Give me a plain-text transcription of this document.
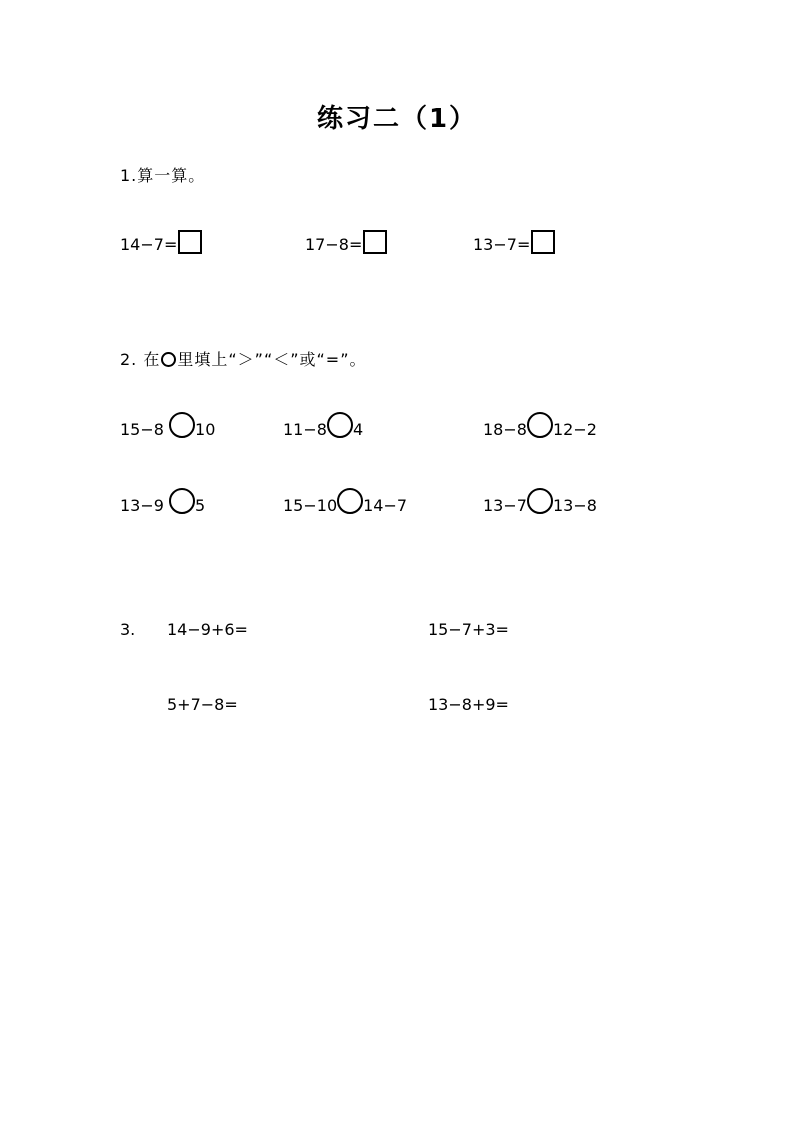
练习二（1）
1.算一算。
14−7=	17−8=	13−7=
2. 在 里填上“＞”“＜”或“=”。
15−8 10	11−8 4	18−8 12−2
13−9 5	15−10 14−7	13−7 13−8
3. 14−9+6=	15−7+3=
5+7−8=	13−8+9=
